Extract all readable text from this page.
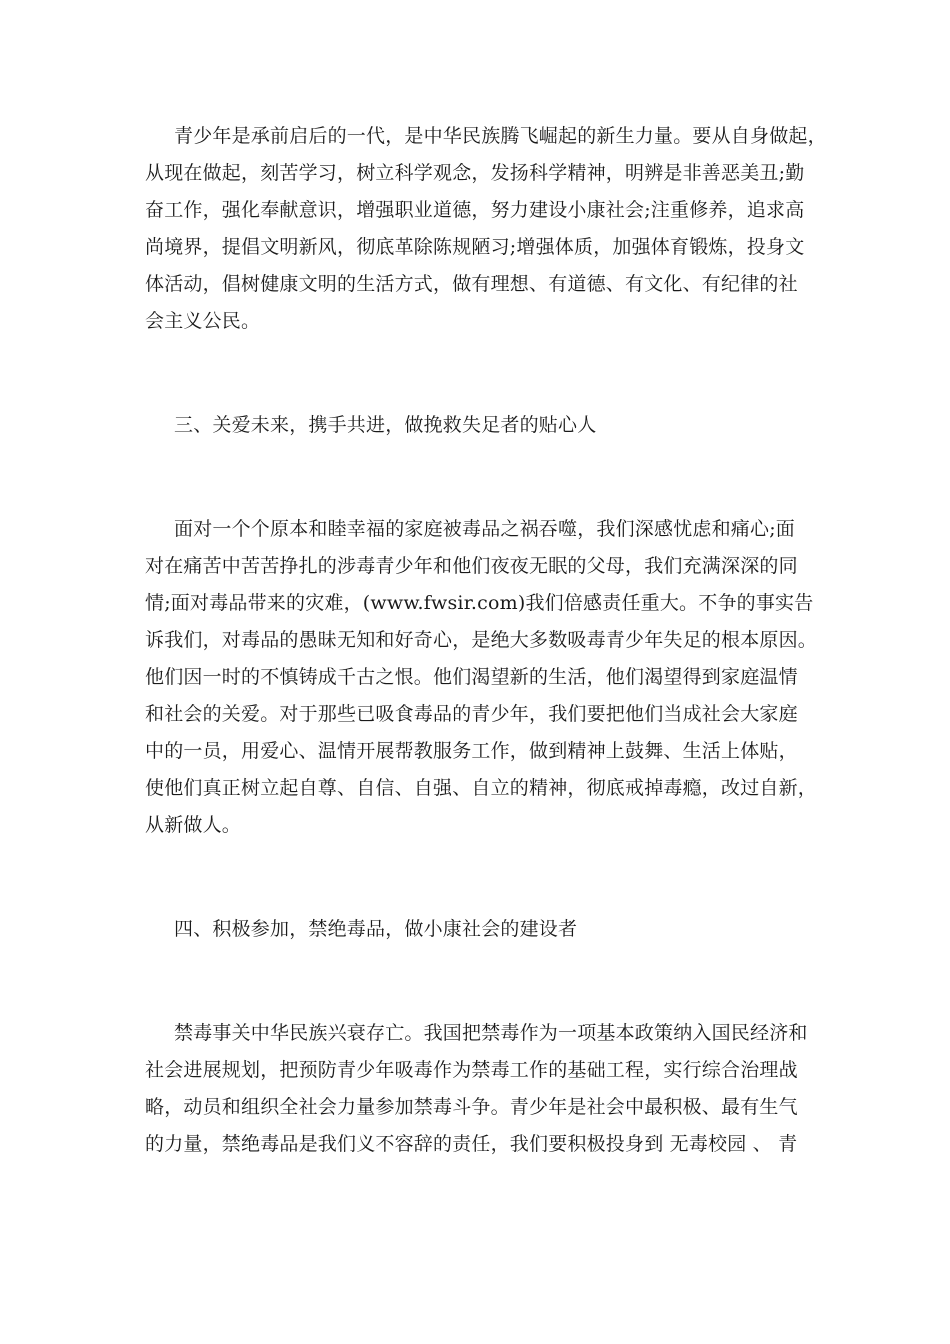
青少年是承前启后的一代，是中华民族腾飞崛起的新生力量。要从自身做起，
从现在做起，刻苦学习，树立科学观念，发扬科学精神，明辨是非善恶美丑;勤
奋工作，强化奉献意识，增强职业道德，努力建设小康社会;注重修养，追求高
尚境界，提倡文明新风，彻底革除陈规陋习;增强体质，加强体育锻炼，投身文
体活动，倡树健康文明的生活方式，做有理想、有道德、有文化、有纪律的社
会主义公民。
三、关爱未来，携手共进，做挽救失足者的贴心人
面对一个个原本和睦幸福的家庭被毒品之祸吞噬，我们深感忧虑和痛心;面
对在痛苦中苦苦挣扎的涉毒青少年和他们夜夜无眠的父母，我们充满深深的同
情;面对毒品带来的灾难，(www.fwsir.com)我们倍感责任重大。不争的事实告
诉我们，对毒品的愚昧无知和好奇心，是绝大多数吸毒青少年失足的根本原因。
他们因一时的不慎铸成千古之恨。他们渴望新的生活，他们渴望得到家庭温情
和社会的关爱。对于那些已吸食毒品的青少年，我们要把他们当成社会大家庭
中的一员，用爱心、温情开展帮教服务工作，做到精神上鼓舞、生活上体贴，
使他们真正树立起自尊、自信、自强、自立的精神，彻底戒掉毒瘾，改过自新，
从新做人。
四、积极参加，禁绝毒品，做小康社会的建设者
禁毒事关中华民族兴衰存亡。我国把禁毒作为一项基本政策纳入国民经济和
社会进展规划，把预防青少年吸毒作为禁毒工作的基础工程，实行综合治理战
略，动员和组织全社会力量参加禁毒斗争。青少年是社会中最积极、最有生气
的力量，禁绝毒品是我们义不容辞的责任，我们要积极投身到 无毒校园 、 青
